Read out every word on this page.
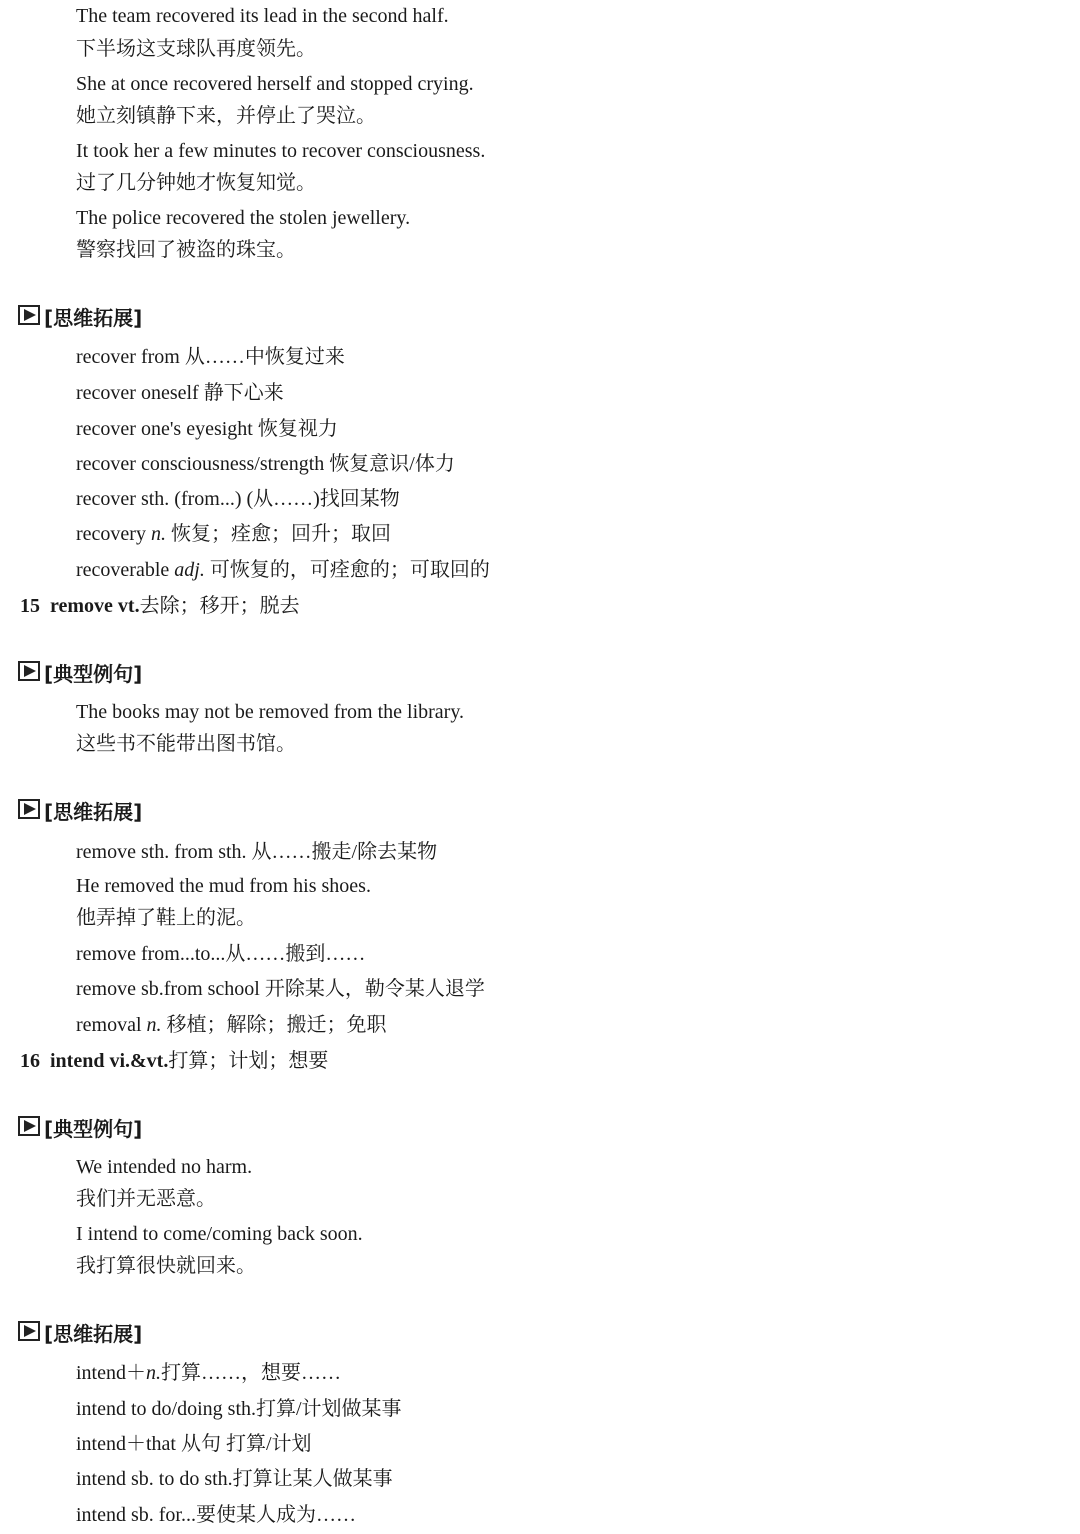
The team recovered its lead in the second half.
下半场这支球队再度领先。
She at once recovered herself and stopped crying.
她立刻镇静下来，并停止了哭泣。
It took her a few minutes to recover consciousness.
过了几分钟她才恢复知觉。
The police recovered the stolen jewellery.
警察找回了被盗的珠宝。
[思维拓展]
recover from 从……中恢复过来
recover oneself 静下心来
recover one's eyesight 恢复视力
recover consciousness/strength 恢复意识/体力
recover sth. (from...) (从……)找回某物
recovery n. 恢复；痊愈；回升；取回
recoverable adj. 可恢复的，可痊愈的；可取回的
15 remove vt.去除；移开；脱去
[典型例句]
The books may not be removed from the library.
这些书不能带出图书馆。
[思维拓展]
remove sth. from sth. 从……搬走/除去某物
He removed the mud from his shoes.
他弄掉了鞋上的泥。
remove from...to...从……搬到……
remove sb.from school 开除某人，勒令某人退学
removal n. 移植；解除；搬迁；免职
16 intend vi.&vt.打算；计划；想要
[典型例句]
We intended no harm.
我们并无恶意。
I intend to come/coming back soon.
我打算很快就回来。
[思维拓展]
intend＋n.打算……，想要……
intend to do/doing sth.打算/计划做某事
intend＋that 从句 打算/计划
intend sb. to do sth.打算让某人做某事
intend sb. for...要使某人成为……
